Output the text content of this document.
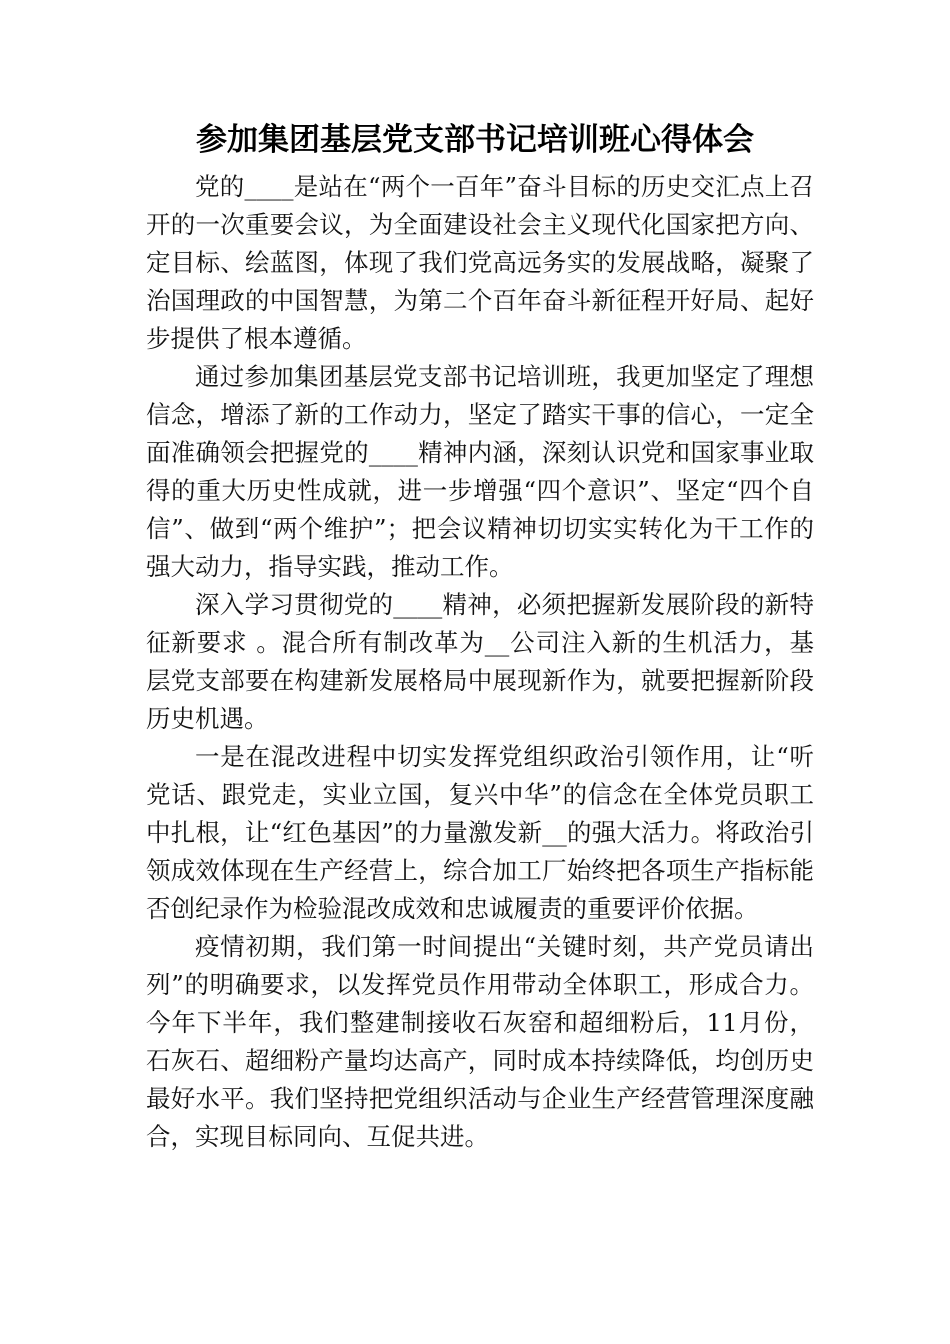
参加集团基层党支部书记培训班心得体会

党的____是站在“两个一百年”奋斗目标的历史交汇点上召开的一次重要会议，为全面建设社会主义现代化国家把方向、定目标、绘蓝图，体现了我们党高远务实的发展战略，凝聚了治国理政的中国智慧，为第二个百年奋斗新征程开好局、起好步提供了根本遵循。

通过参加集团基层党支部书记培训班，我更加坚定了理想信念，增添了新的工作动力，坚定了踏实干事的信心，一定全面准确领会把握党的____精神内涵，深刻认识党和国家事业取得的重大历史性成就，进一步增强“四个意识”、坚定“四个自信”、做到“两个维护”；把会议精神切切实实转化为干工作的强大动力，指导实践，推动工作。

深入学习贯彻党的____精神，必须把握新发展阶段的新特征新要求 。混合所有制改革为__公司注入新的生机活力，基层党支部要在构建新发展格局中展现新作为，就要把握新阶段历史机遇。

一是在混改进程中切实发挥党组织政治引领作用，让“听党话、跟党走，实业立国，复兴中华”的信念在全体党员职工中扎根，让“红色基因”的力量激发新__的强大活力。将政治引领成效体现在生产经营上，综合加工厂始终把各项生产指标能否创纪录作为检验混改成效和忠诚履责的重要评价依据。

疫情初期，我们第一时间提出“关键时刻，共产党员请出列”的明确要求，以发挥党员作用带动全体职工，形成合力。今年下半年，我们整建制接收石灰窑和超细粉后，11月份，石灰石、超细粉产量均达高产，同时成本持续降低，均创历史最好水平。我们坚持把党组织活动与企业生产经营管理深度融合，实现目标同向、互促共进。
